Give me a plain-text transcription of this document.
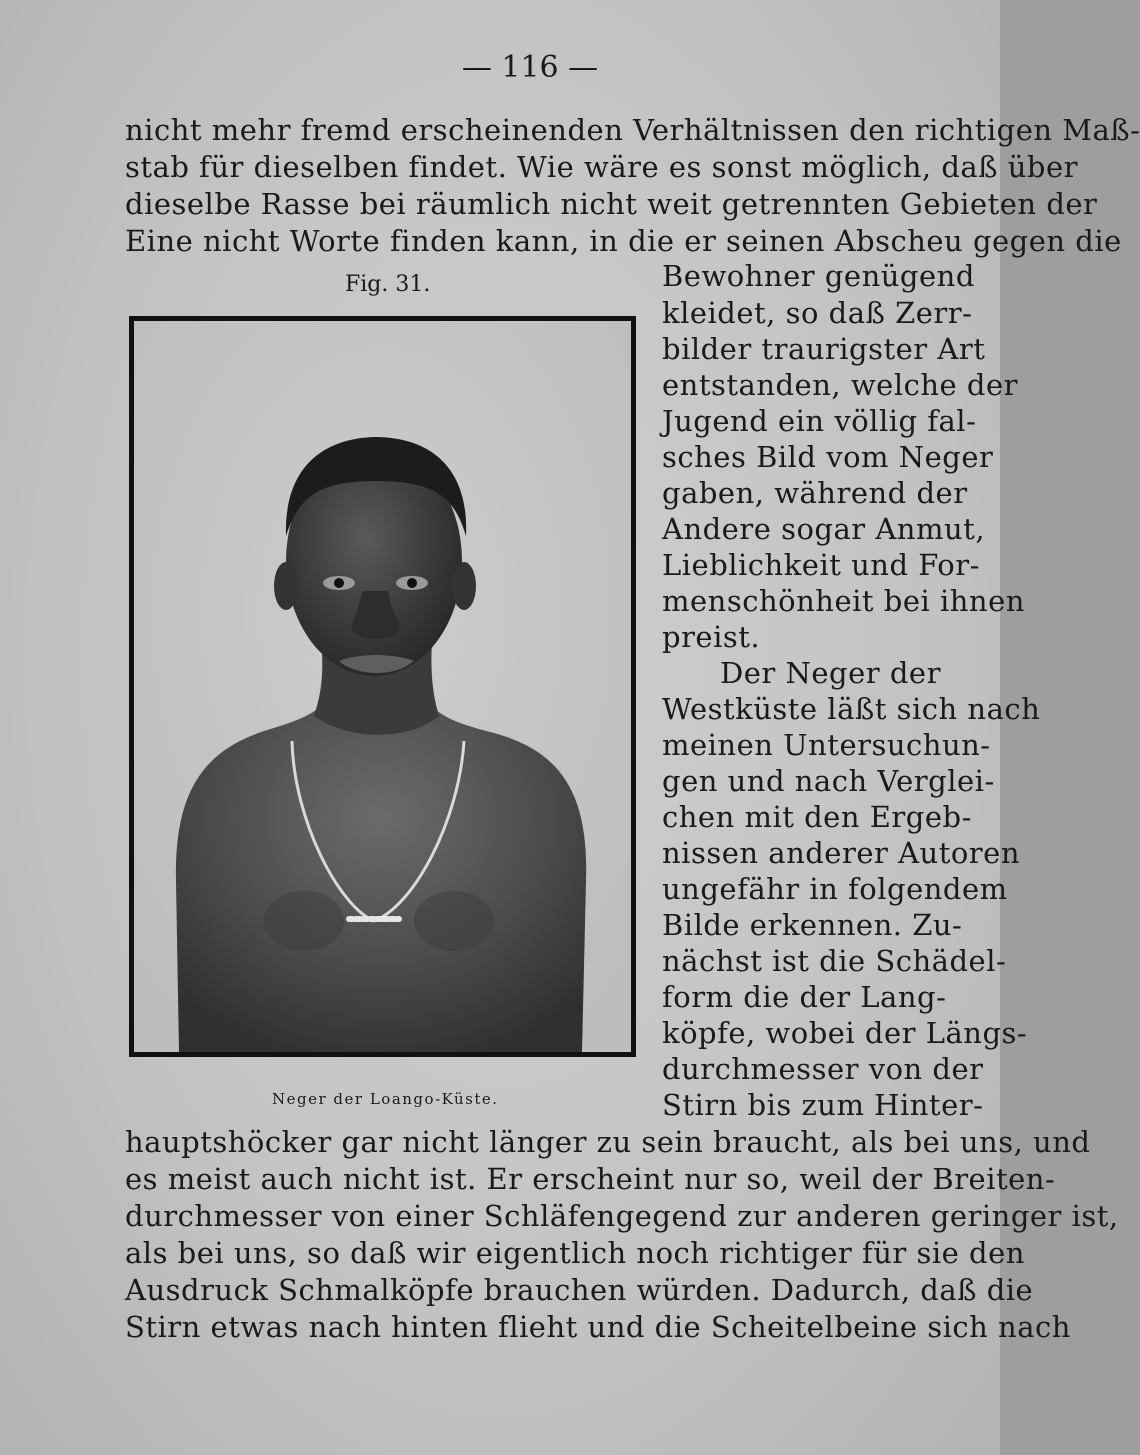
— 116 —
nicht mehr fremd erscheinenden Verhältnissen den richtigen Maß-
stab für dieselben findet. Wie wäre es sonst möglich, daß über
dieselbe Rasse bei räumlich nicht weit getrennten Gebieten der
Eine nicht Worte finden kann, in die er seinen Abscheu gegen die
Fig. 31.	Bewohner genügend
kleidet, so daß Zerr-
bilder traurigster Art
entstanden, welche der
Jugend ein völlig fal-
sches Bild vom Neger
gaben, während der
Andere sogar Anmut,
Lieblichkeit und For-
menschönheit bei ihnen
preist.
Der Neger der
Westküste läßt sich nach
meinen Untersuchun-
gen und nach Verglei-
chen mit den Ergeb-
nissen anderer Autoren
ungefähr in folgendem
Bilde erkennen. Zu-
nächst ist die Schädel-
form die der Lang-
köpfe, wobei der Längs-
durchmesser von der
Stirn bis zum Hinter-
Neger der Loango-Küste.
hauptshöcker gar nicht länger zu sein braucht, als bei uns, und
es meist auch nicht ist. Er erscheint nur so, weil der Breiten-
durchmesser von einer Schläfengegend zur anderen geringer ist,
als bei uns, so daß wir eigentlich noch richtiger für sie den
Ausdruck Schmalköpfe brauchen würden. Dadurch, daß die
Stirn etwas nach hinten flieht und die Scheitelbeine sich nach
